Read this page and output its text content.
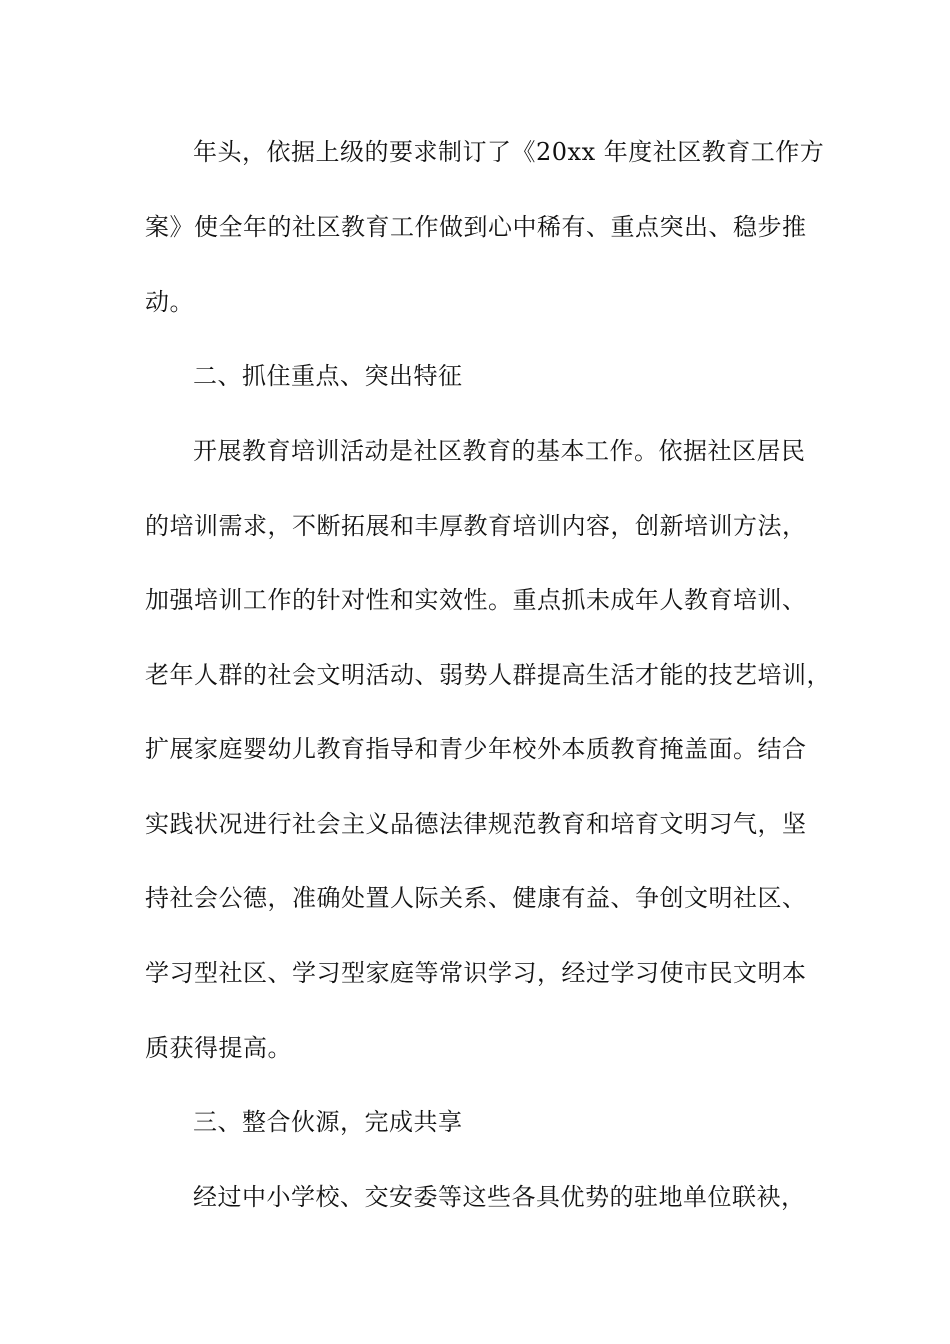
年头，依据上级的要求制订了《20xx 年度社区教育工作方
案》使全年的社区教育工作做到心中稀有、重点突出、稳步推
动。
二、抓住重点、突出特征
开展教育培训活动是社区教育的基本工作。依据社区居民
的培训需求，不断拓展和丰厚教育培训内容，创新培训方法，
加强培训工作的针对性和实效性。重点抓未成年人教育培训、
老年人群的社会文明活动、弱势人群提高生活才能的技艺培训，
扩展家庭婴幼儿教育指导和青少年校外本质教育掩盖面。结合
实践状况进行社会主义品德法律规范教育和培育文明习气，坚
持社会公德，准确处置人际关系、健康有益、争创文明社区、
学习型社区、学习型家庭等常识学习，经过学习使市民文明本
质获得提高。
三、整合伙源，完成共享
经过中小学校、交安委等这些各具优势的驻地单位联袂，
